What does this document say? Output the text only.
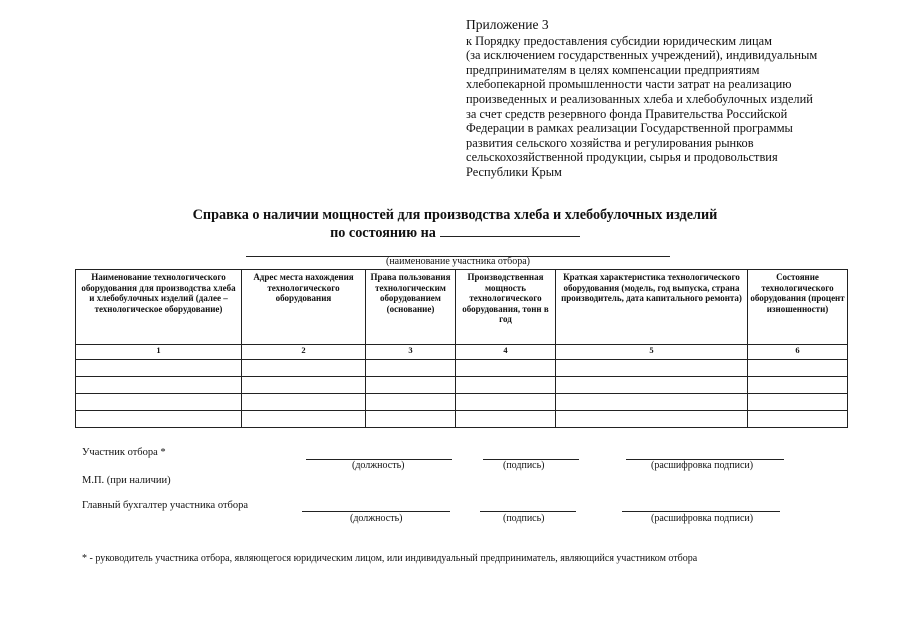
Приложение 3
к Порядку предоставления субсидии юридическим лицам
(за исключением государственных учреждений), индивидуальным
предпринимателям в целях компенсации предприятиям
хлебопекарной промышленности части затрат на реализацию
произведенных и реализованных хлеба и хлебобулочных изделий
за счет средств резервного фонда Правительства Российской
Федерации в рамках реализации Государственной программы
развития сельского хозяйства и регулирования рынков
сельскохозяйственной продукции, сырья и продовольствия
Республики Крым
Справка о наличии мощностей для производства хлеба и хлебобулочных изделий
по состоянию на
(наименование участника отбора)
Наименование технологического оборудования для производства хлеба и хлебобулочных изделий (далее – технологическое оборудование)	Адрес места нахождения технологического оборудования	Права пользования технологическим оборудованием (основание)	Производственная мощность технологического оборудования, тонн в год	Краткая характеристика технологического оборудования (модель, год выпуска, страна производитель, дата капитального ремонта)	Состояние технологического оборудования (процент изношенности)
1	2	3	4	5	6

Участник отбора *
(должность)	(подпись)	(расшифровка подписи)
М.П. (при наличии)
Главный бухгалтер участника отбора
(должность)	(подпись)	(расшифровка подписи)
* - руководитель участника отбора, являющегося юридическим лицом, или индивидуальный предприниматель, являющийся участником отбора
